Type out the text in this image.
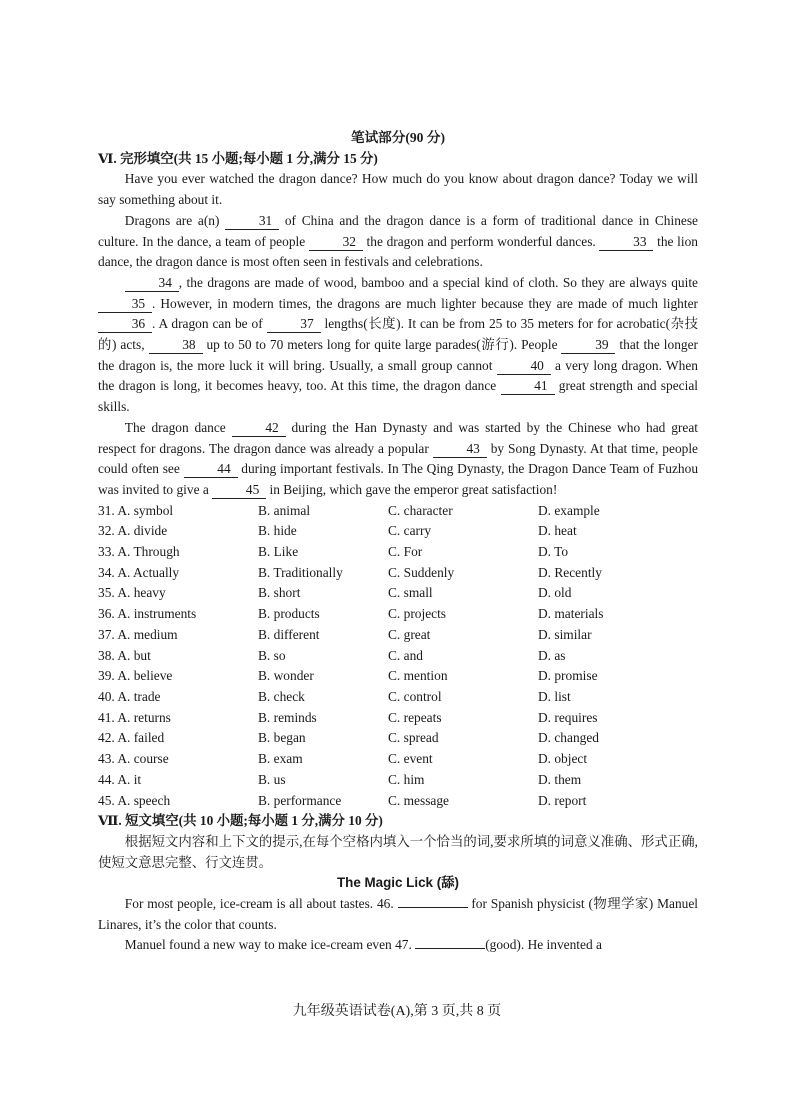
笔试部分(90 分)
Ⅵ. 完形填空(共 15 小题;每小题 1 分,满分 15 分)

Have you ever watched the dragon dance? How much do you know about dragon dance? Today we will say something about it.

Dragons are a(n)	31 of China and the dragon dance is a form of traditional dance in Chinese culture. In the dance, a team of people	32 the dragon and perform wonderful dances.	33 the lion dance, the dragon dance is most often seen in festivals and celebrations.

34 , the dragons are made of wood, bamboo and a special kind of cloth. So they are always quite 35 . However, in modern times, the dragons are much lighter because they are made of much lighter 36 . A dragon can be of	37 lengths(长度). It can be from 25 to 35 meters for for acrobatic(杂技的) acts,	38 up to 50 to 70 meters long for quite large parades(游行). People	39 that the longer the dragon is, the more luck it will bring. Usually, a small group cannot	40 a very long dragon. When the dragon is long, it becomes heavy, too. At this time, the dragon dance	41 great strength and special skills.

The dragon dance	42 during the Han Dynasty and was started by the Chinese who had great respect for dragons. The dragon dance was already a popular	43 by Song Dynasty. At that time, people could often see	44 during important festivals. In The Qing Dynasty, the Dragon Dance Team of Fuzhou was invited to give a	45 in Beijing, which gave the emperor great satisfaction!

31. A. symbol	B. animal	C. character	D. example
32. A. divide	B. hide	C. carry	D. heat
33. A. Through	B. Like	C. For	D. To
34. A. Actually	B. Traditionally	C. Suddenly	D. Recently
35. A. heavy	B. short	C. small	D. old
36. A. instruments	B. products	C. projects	D. materials
37. A. medium	B. different	C. great	D. similar
38. A. but	B. so	C. and	D. as
39. A. believe	B. wonder	C. mention	D. promise
40. A. trade	B. check	C. control	D. list
41. A. returns	B. reminds	C. repeats	D. requires
42. A. failed	B. began	C. spread	D. changed
43. A. course	B. exam	C. event	D. object
44. A. it	B. us	C. him	D. them
45. A. speech	B. performance	C. message	D. report
Ⅶ. 短文填空(共 10 小题;每小题 1 分,满分 10 分)

根据短文内容和上下文的提示,在每个空格内填入一个恰当的词,要求所填的词意义准确、形式正确,使短文意思完整、行文连贯。

The Magic Lick (舔)

For most people, ice-cream is all about tastes. 46.	for Spanish physicist (物理学家) Manuel Linares, it’s the color that counts.

Manuel found a new way to make ice-cream even 47.	(good). He invented a

九年级英语试卷(A),第 3 页,共 8 页
